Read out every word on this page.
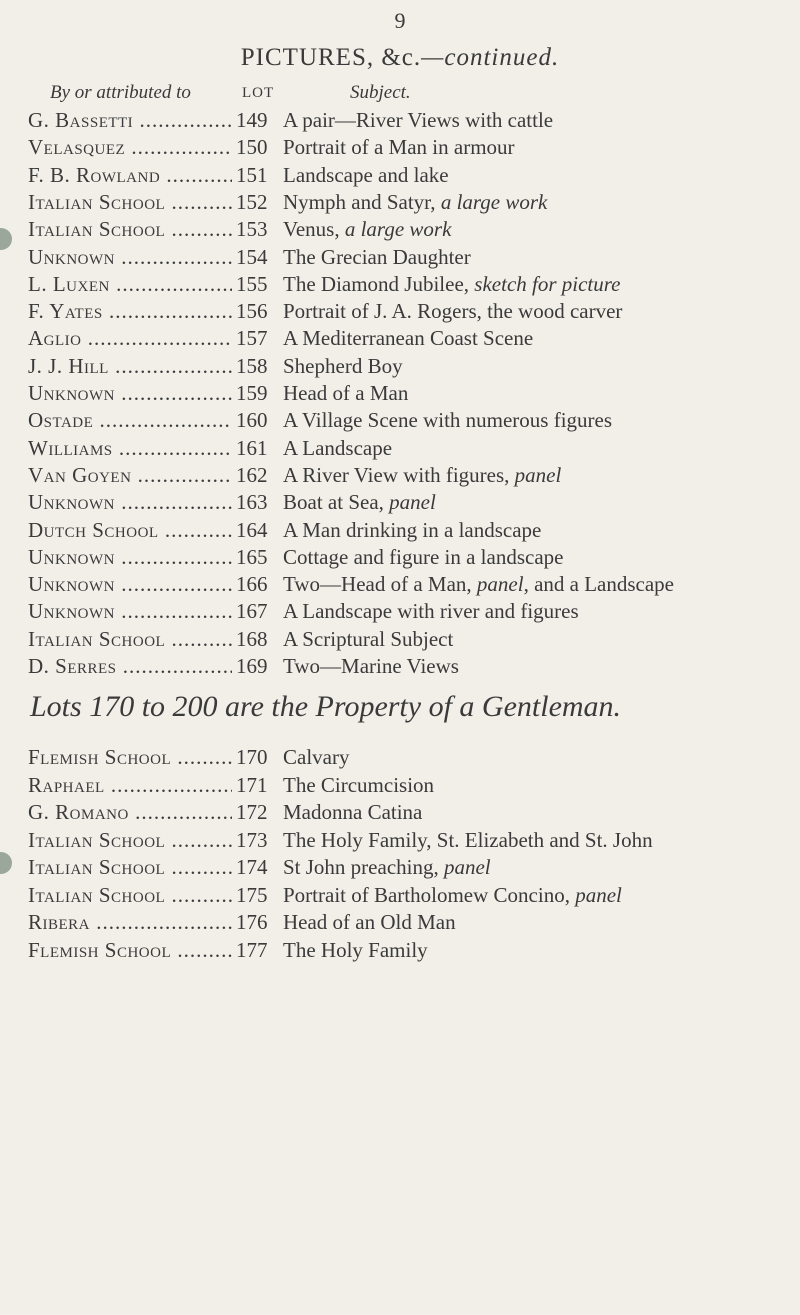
9
PICTURES, &c.—continued.
By or attributed to	LOT	Subject.
G. Bassetti .....	149 A pair—River Views with cattle
Velasquez .....	150 Portrait of a Man in armour
F. B. Rowland .....	151 Landscape and lake
Italian School .....	152 Nymph and Satyr, a large work
Italian School .....	153 Venus, a large work
Unknown .....	154 The Grecian Daughter
L. Luxen .....	155 The Diamond Jubilee, sketch for picture
F. Yates .....	156 Portrait of J. A. Rogers, the wood carver
Aglio .....	157 A Mediterranean Coast Scene
J. J. Hill .....	158 Shepherd Boy
Unknown .....	159 Head of a Man
Ostade .....	160 A Village Scene with numerous figures
Williams .....	161 A Landscape
Van Goyen .....	162 A River View with figures, panel
Unknown .....	163 Boat at Sea, panel
Dutch School .....	164 A Man drinking in a landscape
Unknown .....	165 Cottage and figure in a landscape
Unknown .....	166 Two—Head of a Man, panel, and a Landscape
Unknown .....	167 A Landscape with river and figures
Italian School .....	168 A Scriptural Subject
D. Serres .....	169 Two—Marine Views
Lots 170 to 200 are the Property of a Gentleman.
Flemish School .....	170 Calvary
Raphael .....	171 The Circumcision
G. Romano .....	172 Madonna Catina
Italian School .....	173 The Holy Family, St. Elizabeth and St. John
Italian School .....	174 St John preaching, panel
Italian School .....	175 Portrait of Bartholomew Concino, panel
Ribera .....	176 Head of an Old Man
Flemish School .....	177 The Holy Family
